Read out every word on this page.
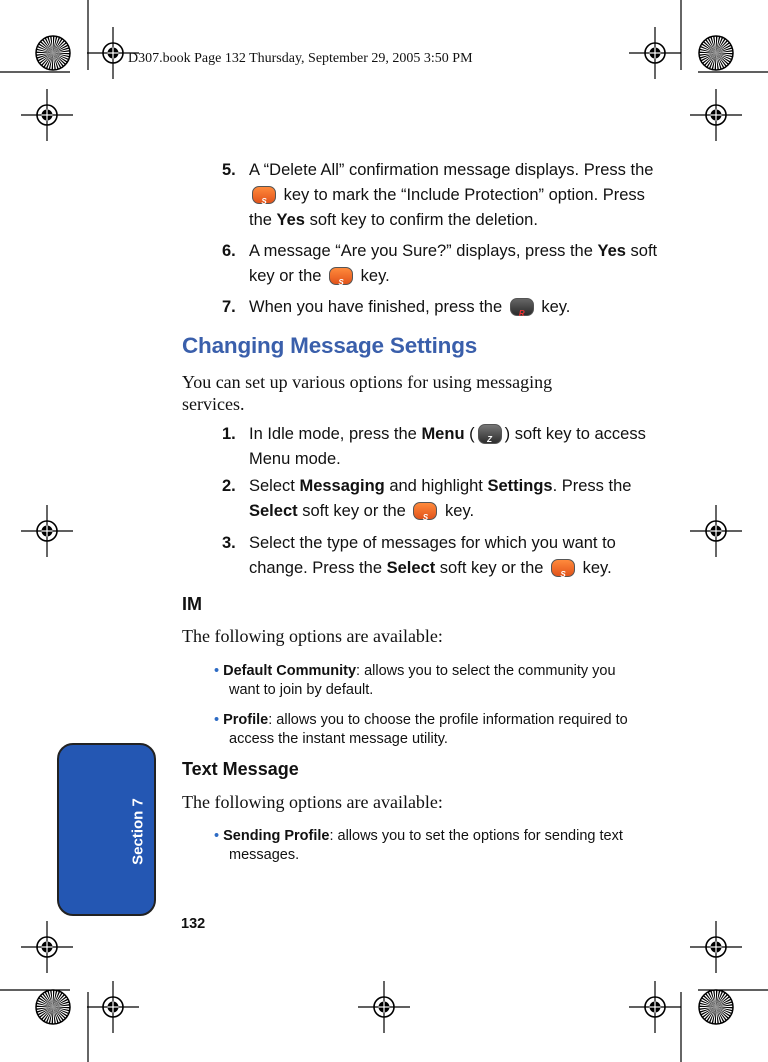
D307.book Page 132 Thursday, September 29, 2005 3:50 PM
5. A “Delete All” confirmation message displays. Press the
S	key to mark the “Include Protection” option. Press
the Yes soft key to confirm the deletion.
6. A message “Are you Sure?” displays, press the Yes soft
key or the	S	key.
7. When you have finished, press the	R	key.
Changing Message Settings
You can set up various options for using messaging
services.
1. In Idle mode, press the Menu (	Z ) soft key to access
Menu mode.
2. Select Messaging and highlight Settings. Press the
Select soft key or the	S	key.
3. Select the type of messages for which you want to
change. Press the Select soft key or the	S	key.
IM
The following options are available:
• Default Community: allows you to select the community you
want to join by default.
• Profile: allows you to choose the profile information required to
access the instant message utility.
Text Message
The following options are available:
• Sending Profile: allows you to set the options for sending text
messages.
Section 7
132
